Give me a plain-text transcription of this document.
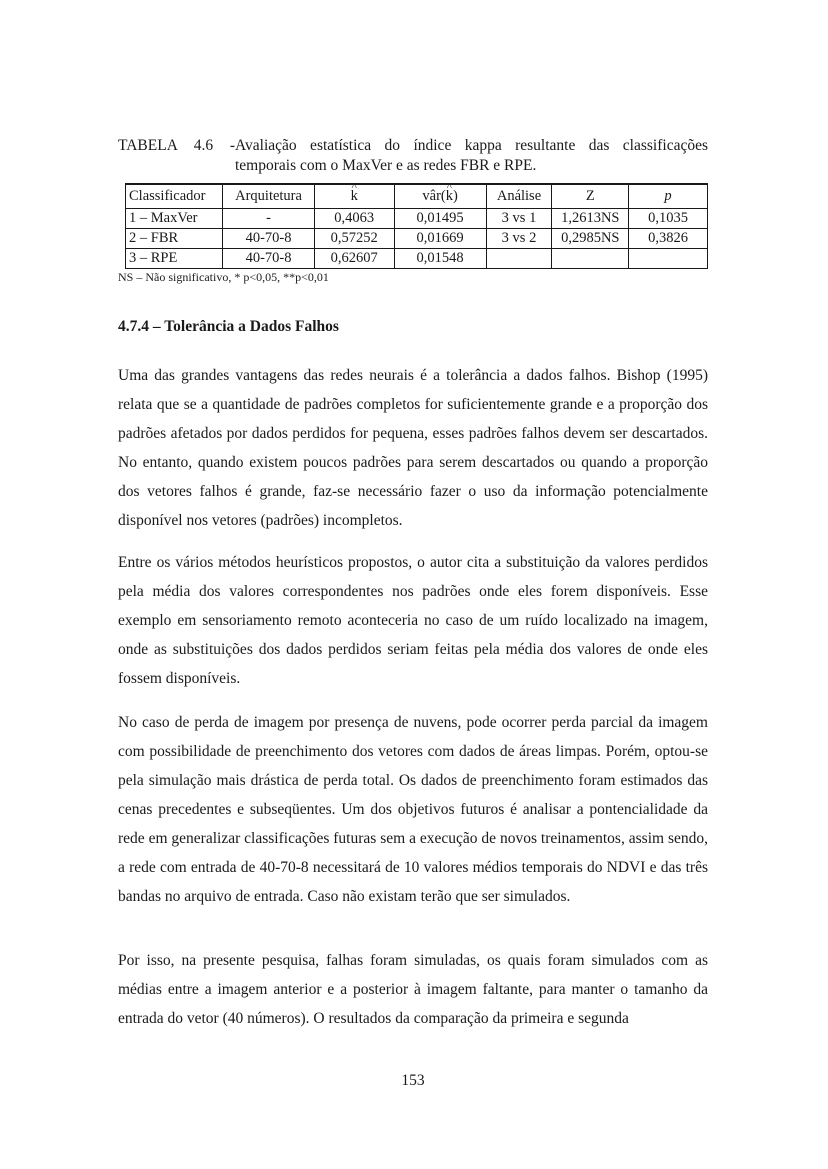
TABELA 4.6 -Avaliação estatística do índice kappa resultante das classificações
temporais com o MaxVer e as redes FBR e RPE.
Classificador	Arquitetura	^ k	vâr(^ k)	Análise	Z	p
1 – MaxVer	-	0,4063	0,01495	3 vs 1	1,2613NS	0,1035
2 – FBR	40-70-8	0,57252	0,01669	3 vs 2	0,2985NS	0,3826
3 – RPE	40-70-8	0,62607	0,01548			
NS – Não significativo, * p<0,05, **p<0,01
4.7.4 – Tolerância a Dados Falhos

Uma das grandes vantagens das redes neurais é a tolerância a dados falhos. Bishop (1995) relata que se a quantidade de padrões completos for suficientemente grande e a proporção dos padrões afetados por dados perdidos for pequena, esses padrões falhos devem ser descartados. No entanto, quando existem poucos padrões para serem descartados ou quando a proporção dos vetores falhos é grande, faz-se necessário fazer o uso da informação potencialmente disponível nos vetores (padrões) incompletos.

Entre os vários métodos heurísticos propostos, o autor cita a substituição da valores perdidos pela média dos valores correspondentes nos padrões onde eles forem disponíveis. Esse exemplo em sensoriamento remoto aconteceria no caso de um ruído localizado na imagem, onde as substituições dos dados perdidos seriam feitas pela média dos valores de onde eles fossem disponíveis.

No caso de perda de imagem por presença de nuvens, pode ocorrer perda parcial da imagem com possibilidade de preenchimento dos vetores com dados de áreas limpas. Porém, optou-se pela simulação mais drástica de perda total. Os dados de preenchimento foram estimados das cenas precedentes e subseqüentes. Um dos objetivos futuros é analisar a pontencialidade da rede em generalizar classificações futuras sem a execução de novos treinamentos, assim sendo, a rede com entrada de 40-70-8 necessitará de 10 valores médios temporais do NDVI e das três bandas no arquivo de entrada. Caso não existam terão que ser simulados.

Por isso, na presente pesquisa, falhas foram simuladas, os quais foram simulados com as médias entre a imagem anterior e a posterior à imagem faltante, para manter o tamanho da entrada do vetor (40 números). O resultados da comparação da primeira e segunda

153
